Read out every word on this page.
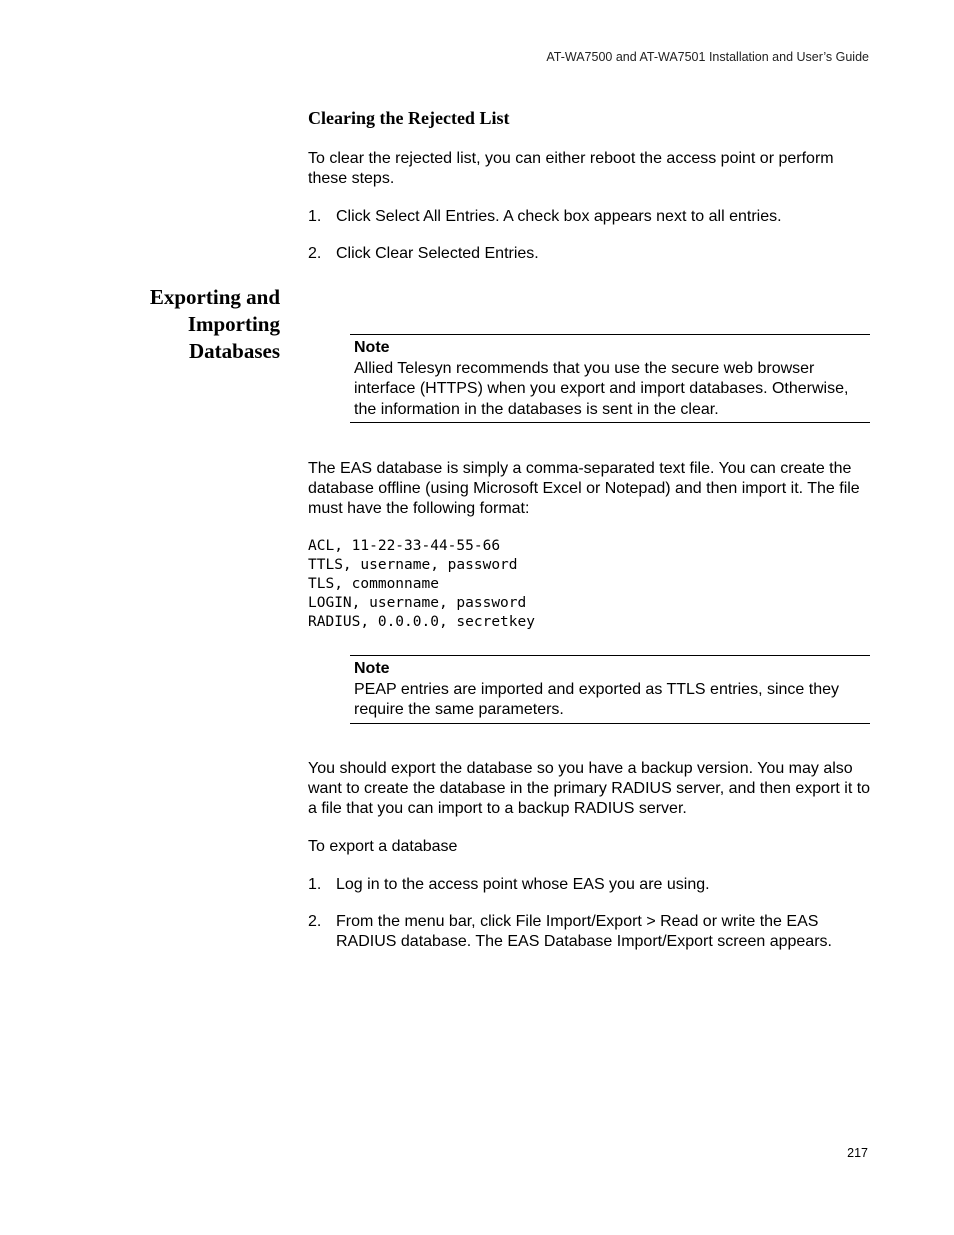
AT-WA7500 and AT-WA7501 Installation and User’s Guide
Clearing the Rejected List
To clear the rejected list, you can either reboot the access point or perform these steps.
1. Click Select All Entries. A check box appears next to all entries.
2. Click Clear Selected Entries.
Exporting and Importing Databases	Note
Allied Telesyn recommends that you use the secure web browser interface (HTTPS) when you export and import databases. Otherwise, the information in the databases is sent in the clear.
The EAS database is simply a comma-separated text file. You can create the database offline (using Microsoft Excel or Notepad) and then import it. The file must have the following format:
ACL, 11-22-33-44-55-66
TTLS, username, password
TLS, commonname
LOGIN, username, password
RADIUS, 0.0.0.0, secretkey
Note
PEAP entries are imported and exported as TTLS entries, since they require the same parameters.
You should export the database so you have a backup version. You may also want to create the database in the primary RADIUS server, and then export it to a file that you can import to a backup RADIUS server.
To export a database
1. Log in to the access point whose EAS you are using.
2. From the menu bar, click File Import/Export > Read or write the EAS RADIUS database. The EAS Database Import/Export screen appears.
217
